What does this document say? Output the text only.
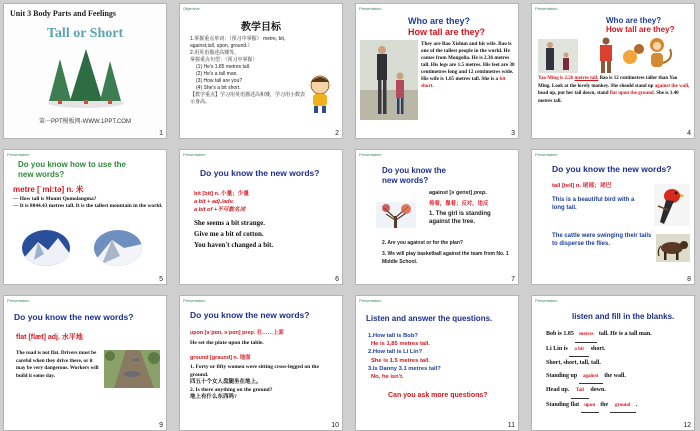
Unit 3 Body Parts and Feelings
Tall or Short
第一PPT模板网-WWW.1PPT.COM
1
Objective
教学目标
1.掌握重点单词：（预习中掌握） metre, bit, against,tall, upon, ground.）
2.用英语描述高矮等。
掌握重点句型：（预习中掌握）
(1) He's 1.85 metres tall.
(2) He's a tall man.
(3) How tall are you?
(4) She's a bit short.
【教学重点】学习用英语描述高和矮，学习用小数表示身高。
2
Presentation
Who are they?
How tall are they?
They are Bao Xishun and his wife. Bao is one of the tallest people in the world. He comes from Mongolia. He is 2.36 metres tall. His legs are 1.5 metres. His feet are 38 centimetres long and 12 centimetres wide. His wife is 1.65 metres tall. She is a bit short.
3
Presentation
Who are they?
How tall are they?
Yao Ming is 2.26 metres tall. Bao is 12 centimetres taller than Yao Ming. Look at the lovely monkey. She should stand up against the wall, head up, put her tail down, stand flat upon the ground. She is 1.40 metres tall.
4
Presentation
Do you know how to use the new words?
metre [ˈmi:tə] n. 米
— How tall is Mount Qomolangma?
— It is 8844.43 metres tall. It is the tallest mountain in the world.
5
Presentation
Do you know the new words?
bit [bit] n. 小量；少量
a bit + adj./adv.
a bit of +不可数名词
She seems a bit strange.
Give me a bit of cotton.
You haven't changed a bit.
6
Presentation
Do you know the new words?
against [əˈgenst] prep.
倚着，靠着；反对，违反
1. The girl is standing against the tree.
2. Are you against or for the plan?
3. We will play basketball against the team from No. 1 Middle School.
7
Presentation
Do you know the new words?
tail [teil] n. 尾部；尾巴
This is a beautiful bird with a long tail.
The cattle were swinging their tails to disperse the flies.
8
Presentation
Do you know the new words?
flat [flæt] adj. 水平地
The road is not flat. Drivers must be careful when they drive there, or it may be very dangerous. Workers will build it some day.
9
Presentation
Do you know the new words?
upon [əˈpɒn, əˈpɑn] prep. 在……上面
He set the plate upon the table.
ground [graund] n. 地面
1. Forty or fifty women were sitting cross-legged on the ground.
四五十个女人盘腿坐在地上。
2. Is there anything on the ground?
地上有什么东西吗?
10
Presentation
Listen and answer the questions.
1.How tall is Bob?
He is 1.85 metres tall.
2.How tall is Li Lin?
She is 1.5 metres tall.
3.Is Danny 3.1 metres tall?
No, he isn't.
Can you ask more questions?
11
Presentation
listen and fill in the blanks.
Bob is 1.85 metres tall. He is a tall man.
Li Lin is a bit short.
Short, short, tall, tall.
Standing up against the wall.
Head up. Tail down.
Standing flat upon the ground .
12
